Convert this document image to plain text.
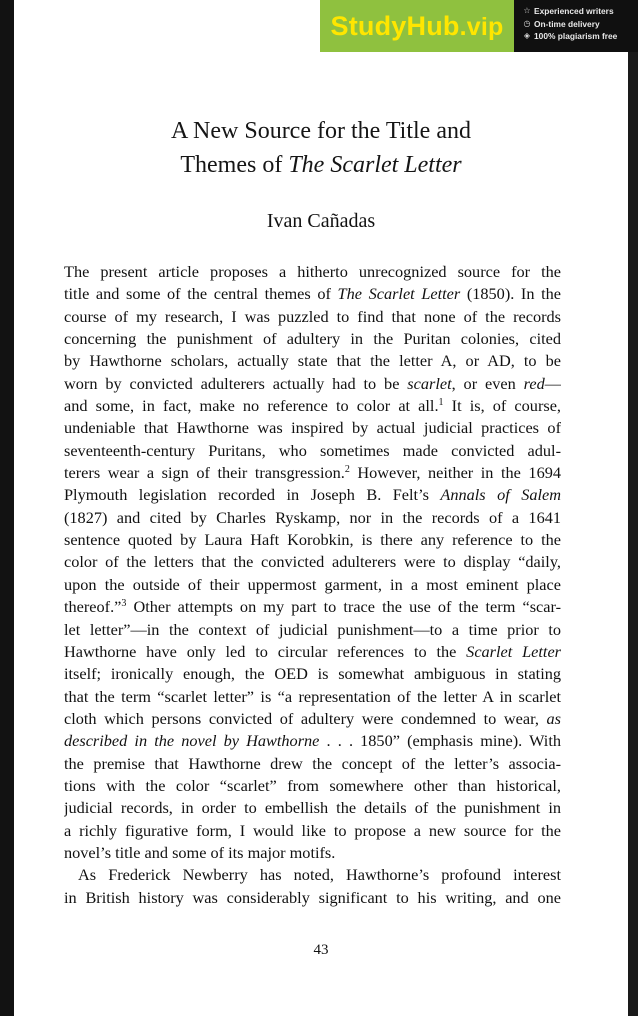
StudyHub.vip
☆ Experienced writers
◷ On-time delivery
◈ 100% plagiarism free
A New Source for the Title and
Themes of The Scarlet Letter
Ivan Cañadas
The present article proposes a hitherto unrecognized source for the
title and some of the central themes of The Scarlet Letter (1850). In the
course of my research, I was puzzled to find that none of the records
concerning the punishment of adultery in the Puritan colonies, cited
by Hawthorne scholars, actually state that the letter A, or AD, to be
worn by convicted adulterers actually had to be scarlet, or even red—
and some, in fact, make no reference to color at all.$^1$ It is, of course,
undeniable that Hawthorne was inspired by actual judicial practices of
seventeenth-century Puritans, who sometimes made convicted adul-
terers wear a sign of their transgression.$^2$ However, neither in the 1694
Plymouth legislation recorded in Joseph B. Felt’s Annals of Salem
(1827) and cited by Charles Ryskamp, nor in the records of a 1641
sentence quoted by Laura Haft Korobkin, is there any reference to the
color of the letters that the convicted adulterers were to display “daily,
upon the outside of their uppermost garment, in a most eminent place
thereof.”$^3$ Other attempts on my part to trace the use of the term “scar-
let letter”—in the context of judicial punishment—to a time prior to
Hawthorne have only led to circular references to the Scarlet Letter
itself; ironically enough, the OED is somewhat ambiguous in stating
that the term “scarlet letter” is “a representation of the letter A in scarlet
cloth which persons convicted of adultery were condemned to wear, as
described in the novel by Hawthorne . . . 1850” (emphasis mine). With
the premise that Hawthorne drew the concept of the letter’s associa-
tions with the color “scarlet” from somewhere other than historical,
judicial records, in order to embellish the details of the punishment in
a richly figurative form, I would like to propose a new source for the
novel’s title and some of its major motifs.
As Frederick Newberry has noted, Hawthorne’s profound interest
in British history was considerably significant to his writing, and one
43
